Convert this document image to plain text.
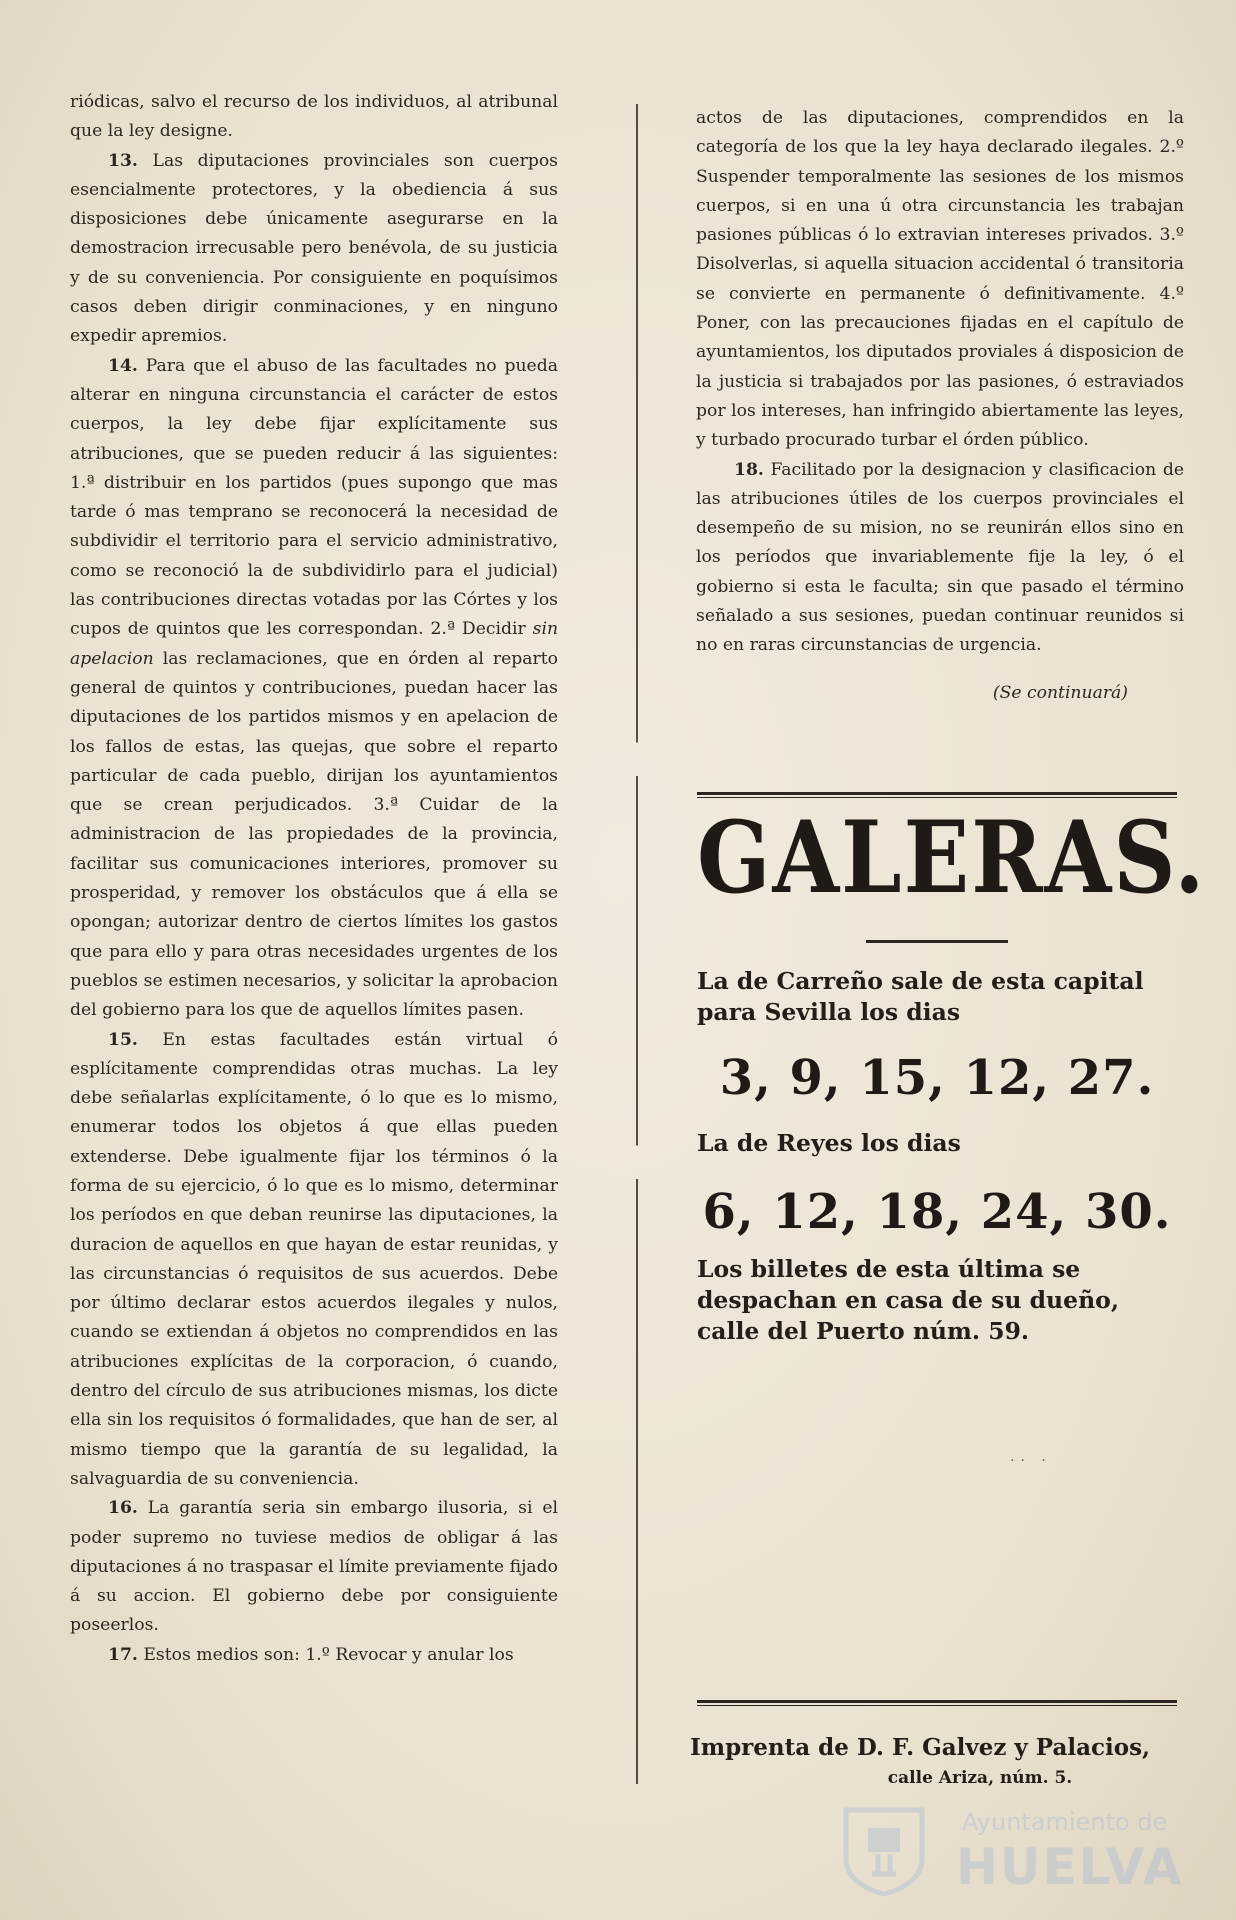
riódicas, salvo el recurso de los individuos, al atribunal que la ley designe.

13. Las diputaciones provinciales son cuerpos esencialmente protectores, y la obediencia á sus disposiciones debe únicamente asegurarse en la demostracion irrecusable pero benévola, de su justicia y de su conveniencia. Por consiguiente en poquísimos casos deben dirigir conminaciones, y en ninguno expedir apremios.

14. Para que el abuso de las facultades no pueda alterar en ninguna circunstancia el carácter de estos cuerpos, la ley debe fijar explícitamente sus atribuciones, que se pueden reducir á las siguientes: 1.ª distribuir en los partidos (pues supongo que mas tarde ó mas temprano se reconocerá la necesidad de subdividir el territorio para el servicio administrativo, como se reconoció la de subdividirlo para el judicial) las contribuciones directas votadas por las Córtes y los cupos de quintos que les correspondan. 2.ª Decidir sin apelacion las reclamaciones, que en órden al reparto general de quintos y contribuciones, puedan hacer las diputaciones de los partidos mismos y en apelacion de los fallos de estas, las quejas, que sobre el reparto particular de cada pueblo, dirijan los ayuntamientos que se crean perjudicados. 3.ª Cuidar de la administracion de las propiedades de la provincia, facilitar sus comunicaciones interiores, promover su prosperidad, y remover los obstáculos que á ella se opongan; autorizar dentro de ciertos límites los gastos que para ello y para otras necesidades urgentes de los pueblos se estimen necesarios, y solicitar la aprobacion del gobierno para los que de aquellos límites pasen.

15. En estas facultades están virtual ó esplícitamente comprendidas otras muchas. La ley debe señalarlas explícitamente, ó lo que es lo mismo, enumerar todos los objetos á que ellas pueden extenderse. Debe igualmente fijar los términos ó la forma de su ejercicio, ó lo que es lo mismo, determinar los períodos en que deban reunirse las diputaciones, la duracion de aquellos en que hayan de estar reunidas, y las circunstancias ó requisitos de sus acuerdos. Debe por último declarar estos acuerdos ilegales y nulos, cuando se extiendan á objetos no comprendidos en las atribuciones explícitas de la corporacion, ó cuando, dentro del círculo de sus atribuciones mismas, los dicte ella sin los requisitos ó formalidades, que han de ser, al mismo tiempo que la garantía de su legalidad, la salvaguardia de su conveniencia.

16. La garantía seria sin embargo ilusoria, si el poder supremo no tuviese medios de obligar á las diputaciones á no traspasar el límite previamente fijado á su accion. El gobierno debe por consiguiente poseerlos.

17. Estos medios son: 1.º Revocar y anular los

actos de las diputaciones, comprendidos en la categoría de los que la ley haya declarado ilegales. 2.º Suspender temporalmente las sesiones de los mismos cuerpos, si en una ú otra circunstancia les trabajan pasiones públicas ó lo extravian intereses privados. 3.º Disolverlas, si aquella situacion accidental ó transitoria se convierte en permanente ó definitivamente. 4.º Poner, con las precauciones fijadas en el capítulo de ayuntamientos, los diputados proviales á disposicion de la justicia si trabajados por las pasiones, ó estraviados por los intereses, han infringido abiertamente las leyes, y turbado procurado turbar el órden público.

18. Facilitado por la designacion y clasificacion de las atribuciones útiles de los cuerpos provinciales el desempeño de su mision, no se reunirán ellos sino en los períodos que invariablemente fije la ley, ó el gobierno si esta le faculta; sin que pasado el término señalado a sus sesiones, puedan continuar reunidos si no en raras circunstancias de urgencia.

(Se continuará)
GALERAS.
La de Carreño sale de esta capital para Sevilla los dias
3, 9, 15, 12, 27.
La de Reyes los dias
6, 12, 18, 24, 30.
Los billetes de esta última se despachan en casa de su dueño, calle del Puerto núm. 59.
·· ·
Imprenta de D. F. Galvez y Palacios,
calle Ariza, núm. 5.
Ayuntamiento de
HUELVA
